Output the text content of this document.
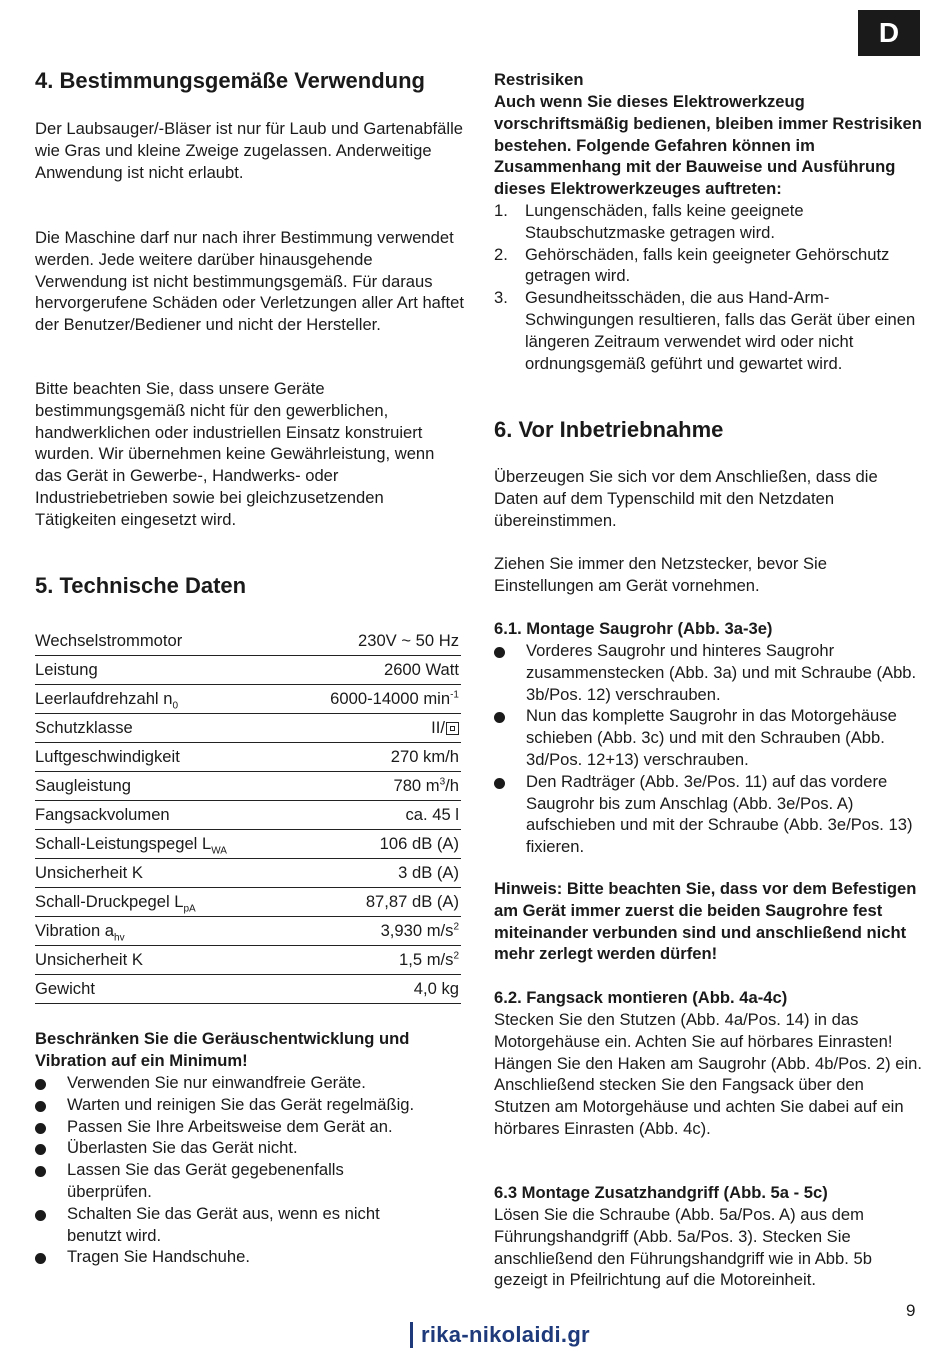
D
4. Bestimmungsgemäße Verwendung

Der Laubsauger/-Bläser ist nur für Laub und Gartenabfälle wie Gras und kleine Zweige zugelassen. Anderweitige Anwendung ist nicht erlaubt.

Die Maschine darf nur nach ihrer Bestimmung verwendet werden. Jede weitere darüber hinausgehende Verwendung ist nicht bestimmungsgemäß. Für daraus hervorgerufene Schäden oder Verletzungen aller Art haftet der Benutzer/Bediener und nicht der Hersteller.

Bitte beachten Sie, dass unsere Geräte bestimmungsgemäß nicht für den gewerblichen, handwerklichen oder industriellen Einsatz konstruiert wurden. Wir übernehmen keine Gewährleistung, wenn das Gerät in Gewerbe-, Handwerks- oder Industriebetrieben sowie bei gleichzusetzenden Tätigkeiten eingesetzt wird.

5. Technische Daten
Wechselstrommotor	230V ~ 50 Hz
Leistung	2600 Watt
Leerlaufdrehzahl $n_0$	6000-14000 $\min^{-1}$
Schutzklasse	II/
Luftgeschwindigkeit	270 km/h
Saugleistung	780 $m^3/h$
Fangsackvolumen	ca. 45 l
Schall-Leistungspegel $L_{WA}$	106 dB (A)
Unsicherheit K	3 dB (A)
Schall-Druckpegel $L_{pA}$	87,87 dB (A)
Vibration $a_{hv}$	3,930 $m/s^2$
Unsicherheit K	1,5 $m/s^2$
Gewicht	4,0 kg

Beschränken Sie die Geräuschentwicklung und Vibration auf ein Minimum!

Verwenden Sie nur einwandfreie Geräte.
Warten und reinigen Sie das Gerät regelmäßig.
Passen Sie Ihre Arbeitsweise dem Gerät an.
Überlasten Sie das Gerät nicht.
Lassen Sie das Gerät gegebenenfalls überprüfen.
Schalten Sie das Gerät aus, wenn es nicht benutzt wird.
Tragen Sie Handschuhe.

Restrisiken

Auch wenn Sie dieses Elektrowerkzeug vorschriftsmäßig bedienen, bleiben immer Restrisiken bestehen. Folgende Gefahren können im Zusammenhang mit der Bauweise und Ausführung dieses Elektrowerkzeuges auftreten:

1. Lungenschäden, falls keine geeignete Staubschutzmaske getragen wird.
2. Gehörschäden, falls kein geeigneter Gehörschutz getragen wird.
3. Gesundheitsschäden, die aus Hand-Arm-Schwingungen resultieren, falls das Gerät über einen längeren Zeitraum verwendet wird oder nicht ordnungsgemäß geführt und gewartet wird.
6. Vor Inbetriebnahme

Überzeugen Sie sich vor dem Anschließen, dass die Daten auf dem Typenschild mit den Netzdaten übereinstimmen.

Ziehen Sie immer den Netzstecker, bevor Sie Einstellungen am Gerät vornehmen.

6.1. Montage Saugrohr (Abb. 3a-3e)

Vorderes Saugrohr und hinteres Saugrohr zusammenstecken (Abb. 3a) und mit Schraube (Abb. 3b/Pos. 12) verschrauben.
Nun das komplette Saugrohr in das Motorgehäuse schieben (Abb. 3c) und mit den Schrauben (Abb. 3d/Pos. 12+13) verschrauben.
Den Radträger (Abb. 3e/Pos. 11) auf das vordere Saugrohr bis zum Anschlag (Abb. 3e/Pos. A) aufschieben und mit der Schraube (Abb. 3e/Pos. 13) fixieren.

Hinweis: Bitte beachten Sie, dass vor dem Befestigen am Gerät immer zuerst die beiden Saugrohre fest miteinander verbunden sind und anschließend nicht mehr zerlegt werden dürfen!

6.2. Fangsack montieren (Abb. 4a-4c)

Stecken Sie den Stutzen (Abb. 4a/Pos. 14) in das Motorgehäuse ein. Achten Sie auf hörbares Einrasten! Hängen Sie den Haken am Saugrohr (Abb. 4b/Pos. 2) ein. Anschließend stecken Sie den Fangsack über den Stutzen am Motorgehäuse und achten Sie dabei auf ein hörbares Einrasten (Abb. 4c).

6.3 Montage Zusatzhandgriff (Abb. 5a - 5c)

Lösen Sie die Schraube (Abb. 5a/Pos. A) aus dem Führungshandgriff (Abb. 5a/Pos. 3). Stecken Sie anschließend den Führungshandgriff wie in Abb. 5b gezeigt in Pfeilrichtung auf die Motoreinheit.

9
rika-nikolaidi.gr
